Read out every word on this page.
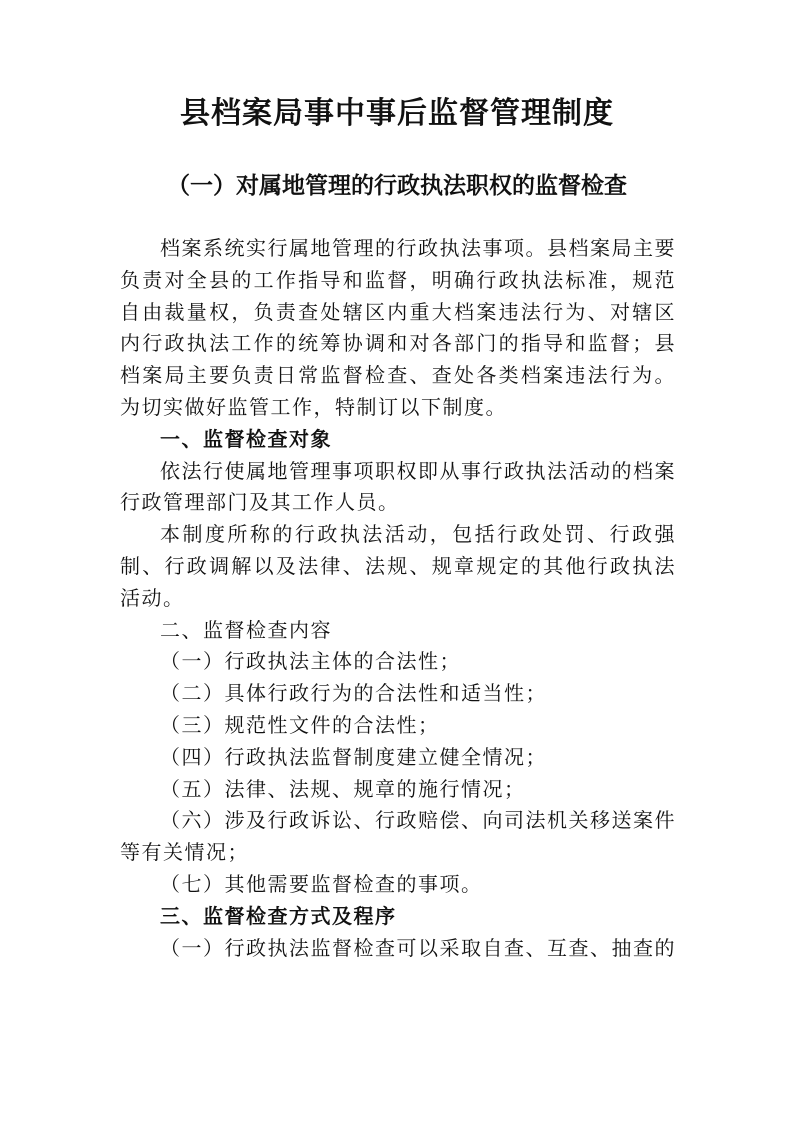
县档案局事中事后监督管理制度
（一）对属地管理的行政执法职权的监督检查

档案系统实行属地管理的行政执法事项。县档案局主要负责对全县的工作指导和监督，明确行政执法标准，规范自由裁量权，负责查处辖区内重大档案违法行为、对辖区内行政执法工作的统筹协调和对各部门的指导和监督；县档案局主要负责日常监督检查、查处各类档案违法行为。为切实做好监管工作，特制订以下制度。

一、监督检查对象

依法行使属地管理事项职权即从事行政执法活动的档案行政管理部门及其工作人员。

本制度所称的行政执法活动，包括行政处罚、行政强制、行政调解以及法律、法规、规章规定的其他行政执法活动。

二、监督检查内容

（一）行政执法主体的合法性；

（二）具体行政行为的合法性和适当性；

（三）规范性文件的合法性；

（四）行政执法监督制度建立健全情况；

（五）法律、法规、规章的施行情况；

（六）涉及行政诉讼、行政赔偿、向司法机关移送案件等有关情况；

（七）其他需要监督检查的事项。

三、监督检查方式及程序

（一）行政执法监督检查可以采取自查、互查、抽查的
